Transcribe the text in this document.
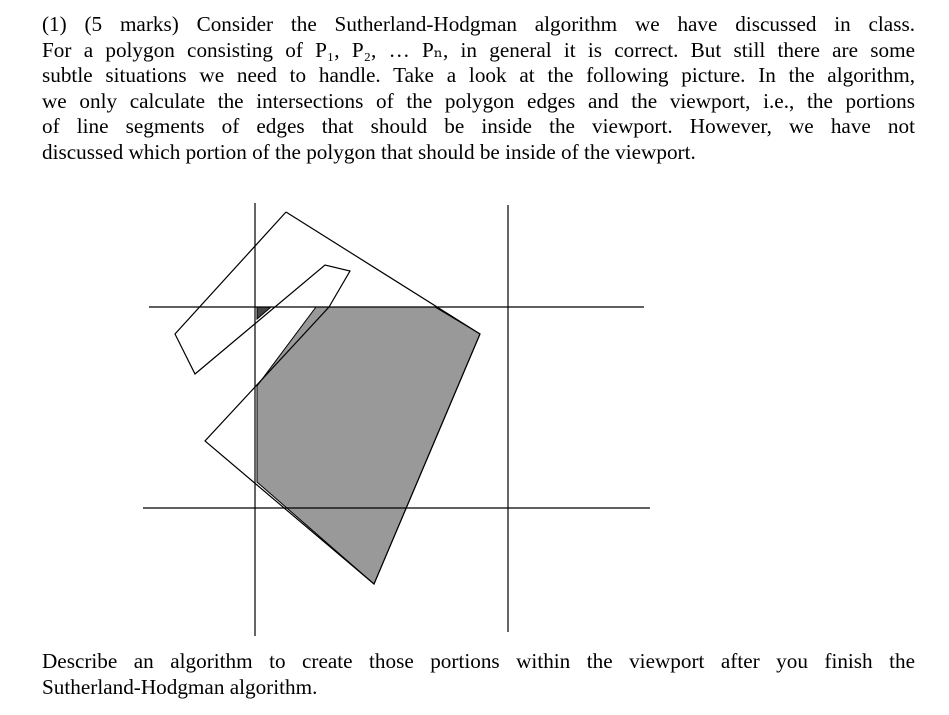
(1) (5 marks) Consider the Sutherland-Hodgman algorithm we have discussed in class.
For a polygon consisting of P₁, P₂, … Pₙ, in general it is correct. But still there are some
subtle situations we need to handle. Take a look at the following picture. In the algorithm,
we only calculate the intersections of the polygon edges and the viewport, i.e., the portions
of line segments of edges that should be inside the viewport. However, we have not
discussed which portion of the polygon that should be inside of the viewport.

Describe an algorithm to create those portions within the viewport after you finish the
Sutherland-Hodgman algorithm.
